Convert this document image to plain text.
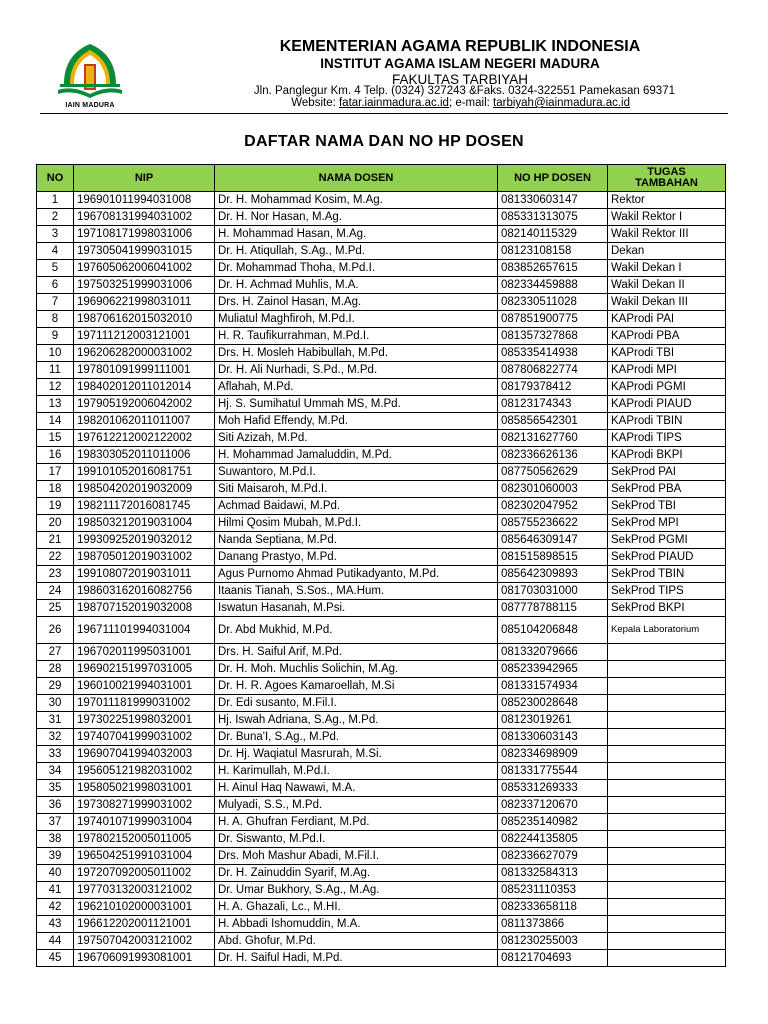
IAIN MADURA
KEMENTERIAN AGAMA REPUBLIK INDONESIA
INSTITUT AGAMA ISLAM NEGERI MADURA
FAKULTAS TARBIYAH
Jln. Panglegur Km. 4 Telp. (0324) 327243 &Faks. 0324-322551 Pamekasan 69371
Website: fatar.iainmadura.ac.id; e-mail: tarbiyah@iainmadura.ac.id
DAFTAR NAMA DAN NO HP DOSEN
NO	NIP	NAMA DOSEN	NO HP DOSEN	TUGAS TAMBAHAN
1	196901011994031008	Dr. H. Mohammad Kosim, M.Ag.	081330603147	Rektor
2	196708131994031002	Dr. H. Nor Hasan, M.Ag.	085331313075	Wakil Rektor I
3	197108171998031006	H. Mohammad Hasan, M.Ag.	082140115329	Wakil Rektor III
4	197305041999031015	Dr. H. Atiqullah, S.Ag., M.Pd.	08123108158	Dekan
5	197605062006041002	Dr. Mohammad Thoha, M.Pd.I.	083852657615	Wakil Dekan I
6	197503251999031006	Dr. H. Achmad Muhlis, M.A.	082334459888	Wakil Dekan II
7	196906221998031011	Drs. H. Zainol Hasan, M.Ag.	082330511028	Wakil Dekan III
8	198706162015032010	Muliatul Maghfiroh, M.Pd.I.	087851900775	KAProdi PAI
9	197111212003121001	H. R. Taufikurrahman, M.Pd.I.	081357327868	KAProdi PBA
10	196206282000031002	Drs. H. Mosleh Habibullah, M.Pd.	085335414938	KAProdi TBI
11	197801091999111001	Dr. H. Ali Nurhadi, S.Pd., M.Pd.	087806822774	KAProdi MPI
12	198402012011012014	Aflahah, M.Pd.	08179378412	KAProdi PGMI
13	197905192006042002	Hj. S. Sumihatul Ummah MS, M.Pd.	08123174343	KAProdi PIAUD
14	198201062011011007	Moh Hafid Effendy, M.Pd.	085856542301	KAProdi TBIN
15	197612212002122002	Siti Azizah, M.Pd.	082131627760	KAProdi TIPS
16	198303052011011006	H. Mohammad Jamaluddin, M.Pd.	082336626136	KAProdi BKPI
17	199101052016081751	Suwantoro, M.Pd.I.	087750562629	SekProd PAI
18	198504202019032009	Siti Maisaroh, M.Pd.I.	082301060003	SekProd PBA
19	198211172016081745	Achmad Baidawi, M.Pd.	082302047952	SekProd TBI
20	198503212019031004	Hilmi Qosim Mubah, M.Pd.I.	085755236622	SekProd MPI
21	199309252019032012	Nanda Septiana, M.Pd.	085646309147	SekProd PGMI
22	198705012019031002	Danang Prastyo, M.Pd.	081515898515	SekProd PIAUD
23	199108072019031011	Agus Purnomo Ahmad Putikadyanto, M.Pd.	085642309893	SekProd TBIN
24	198603162016082756	Itaanis Tianah, S.Sos., MA.Hum.	081703031000	SekProd TIPS
25	198707152019032008	Iswatun Hasanah, M.Psi.	087778788115	SekProd BKPI
26	196711101994031004	Dr. Abd Mukhid, M.Pd.	085104206848	Kepala Laboratorium
27	196702011995031001	Drs. H. Saiful Arif, M.Pd.	081332079666	
28	196902151997031005	Dr. H. Moh. Muchlis Solichin, M.Ag.	085233942965	
29	196010021994031001	Dr. H. R. Agoes Kamaroellah, M.Si	081331574934	
30	197011181999031002	Dr. Edi susanto, M.Fil.I.	085230028648	
31	197302251998032001	Hj. Iswah Adriana, S.Ag., M.Pd.	08123019261	
32	197407041999031002	Dr. Buna'I, S.Ag., M.Pd.	081330603143	
33	196907041994032003	Dr. Hj. Waqiatul Masrurah, M.Si.	082334698909	
34	195605121982031002	H. Karimullah, M.Pd.I.	081331775544	
35	195805021998031001	H. Ainul Haq Nawawi, M.A.	085331269333	
36	197308271999031002	Mulyadi, S.S., M.Pd.	082337120670	
37	197401071999031004	H. A. Ghufran Ferdiant, M.Pd.	085235140982	
38	197802152005011005	Dr. Siswanto, M.Pd.I.	082244135805	
39	196504251991031004	Drs. Moh Mashur Abadi, M.Fil.I.	082336627079	
40	197207092005011002	Dr. H. Zainuddin Syarif, M.Ag.	081332584313	
41	197703132003121002	Dr. Umar Bukhory, S.Ag., M.Ag.	085231110353	
42	196210102000031001	H. A. Ghazali, Lc., M.HI.	082333658118	
43	196612202001121001	H. Abbadi Ishomuddin, M.A.	0811373866	
44	197507042003121002	Abd. Ghofur, M.Pd.	081230255003	
45	196706091993081001	Dr. H. Saiful Hadi, M.Pd.	08121704693	
